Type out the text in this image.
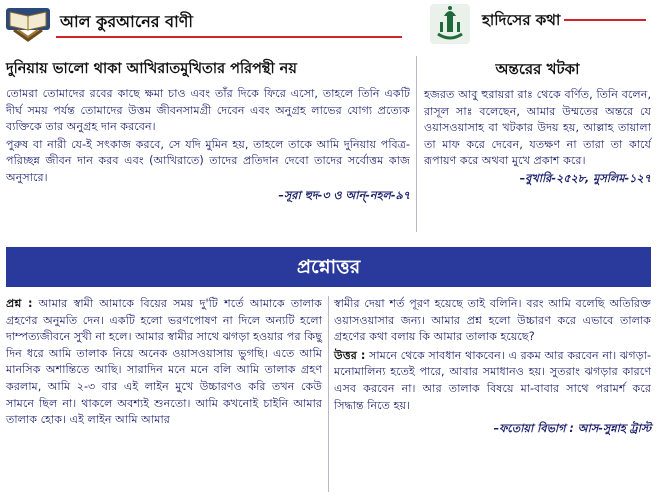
আল কুরআনের বাণী	হাদিসের কথা
দুনিয়ায় ভালো থাকা আখিরাতমুখিতার পরিপন্থী নয়

তোমরা তোমাদের রবের কাছে ক্ষমা চাও এবং তাঁর দিকে ফিরে এসো, তাহলে তিনি একটি দীর্ঘ সময় পর্যন্ত তোমাদের উত্তম জীবনসামগ্রী দেবেন এবং অনুগ্রহ লাভের যোগ্য প্রত্যেক ব্যক্তিকে তার অনুগ্রহ দান করবেন।

পুরুষ বা নারী যে-ই সৎকাজ করবে, সে যদি মুমিন হয়, তাহলে তাকে আমি দুনিয়ায় পবিত্র-পরিচ্ছন্ন জীবন দান করব এবং (আখিরাতে) তাদের প্রতিদান দেবো তাদের সর্বোত্তম কাজ অনুসারে।

–সূরা হুদ-৩ ও আন্‌-নহল-৯৭
অন্তরের খটকা

হজরত আবু হুরায়রা রাঃ থেকে বর্ণিত, তিনি বলেন, রাসূল সাঃ বলেছেন, আমার উম্মতের অন্তরে যে ওয়াসওয়াসাহ বা খটকার উদয় হয়, আল্লাহ তায়ালা তা মাফ করে দেবেন, যতক্ষণ না তারা তা কার্যে রূপায়ণ করে অথবা মুখে প্রকাশ করে।

–বুখারি-২৫২৮, মুসলিম-১২৭
প্রশ্নোত্তর

প্রশ্ন : আমার স্বামী আমাকে বিয়ের সময় দু'টি শর্তে আমাকে তালাক গ্রহণের অনুমতি দেন। একটি হলো ভরণপোষণ না দিলে অন্যটি হলো দাম্পত্যজীবনে সুখী না হলে। আমার স্বামীর সাথে ঝগড়া হওয়ার পর কিছু দিন ধরে আমি তালাক নিয়ে অনেক ওয়াসওয়াসায় ভুগছি। এতে আমি মানসিক অশান্তিতে আছি। সারাদিন মনে মনে বলি আমি তালাক গ্রহণ করলাম, আমি ২-৩ বার এই লাইন মুখে উচ্চারণও করি তখন কেউ সামনে ছিল না। থাকলে অবশ্যই শুনতো। আমি কখনোই চাইনি আমার তালাক হোক। এই লাইন আমি আমার

স্বামীর দেয়া শর্ত পূরণ হয়েছে তাই বলিনি। বরং আমি বলেছি অতিরিক্ত ওয়াসওয়াসার জন্য। আমার প্রশ্ন হলো উচ্চারণ করে এভাবে তালাক গ্রহণের কথা বলায় কি আমার তালাক হয়েছে?

উত্তর : সামনে থেকে সাবধান থাকবেন। এ রকম আর করবেন না। ঝগড়া-মনোমালিন্য হতেই পারে, আবার সমাধানও হয়। সুতরাং ঝগড়ার কারণে এসব করবেন না। আর তালাক বিষয়ে মা-বাবার সাথে পরামর্শ করে সিদ্ধান্ত নিতে হয়।

–ফতোয়া বিভাগ : আস-সুন্নাহ ট্রাস্ট
